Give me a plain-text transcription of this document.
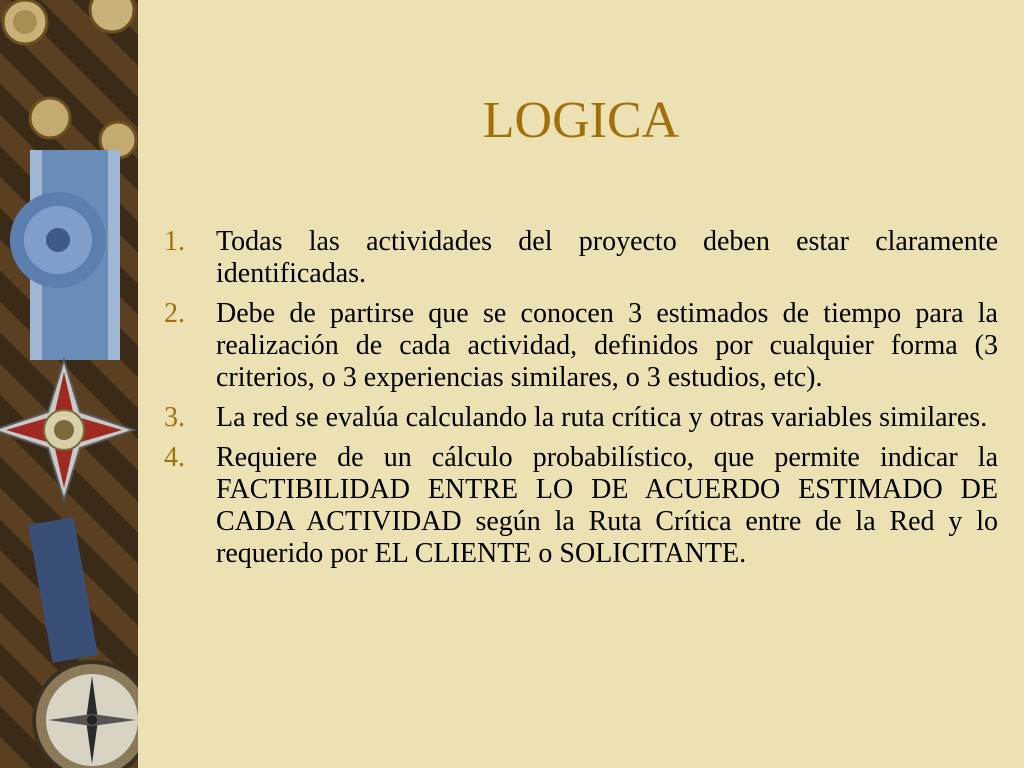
LOGICA
1. Todas las actividades del proyecto deben estar claramente identificadas.
2. Debe de partirse que se conocen 3 estimados de tiempo para la realización de cada actividad, definidos por cualquier forma (3 criterios, o 3 experiencias similares, o 3 estudios, etc).
3. La red se evalúa calculando la ruta crítica y otras variables similares.
4. Requiere de un cálculo probabilístico, que permite indicar la FACTIBILIDAD ENTRE LO DE ACUERDO ESTIMADO DE CADA ACTIVIDAD según la Ruta Crítica entre de la Red y lo requerido por EL CLIENTE o SOLICITANTE.
